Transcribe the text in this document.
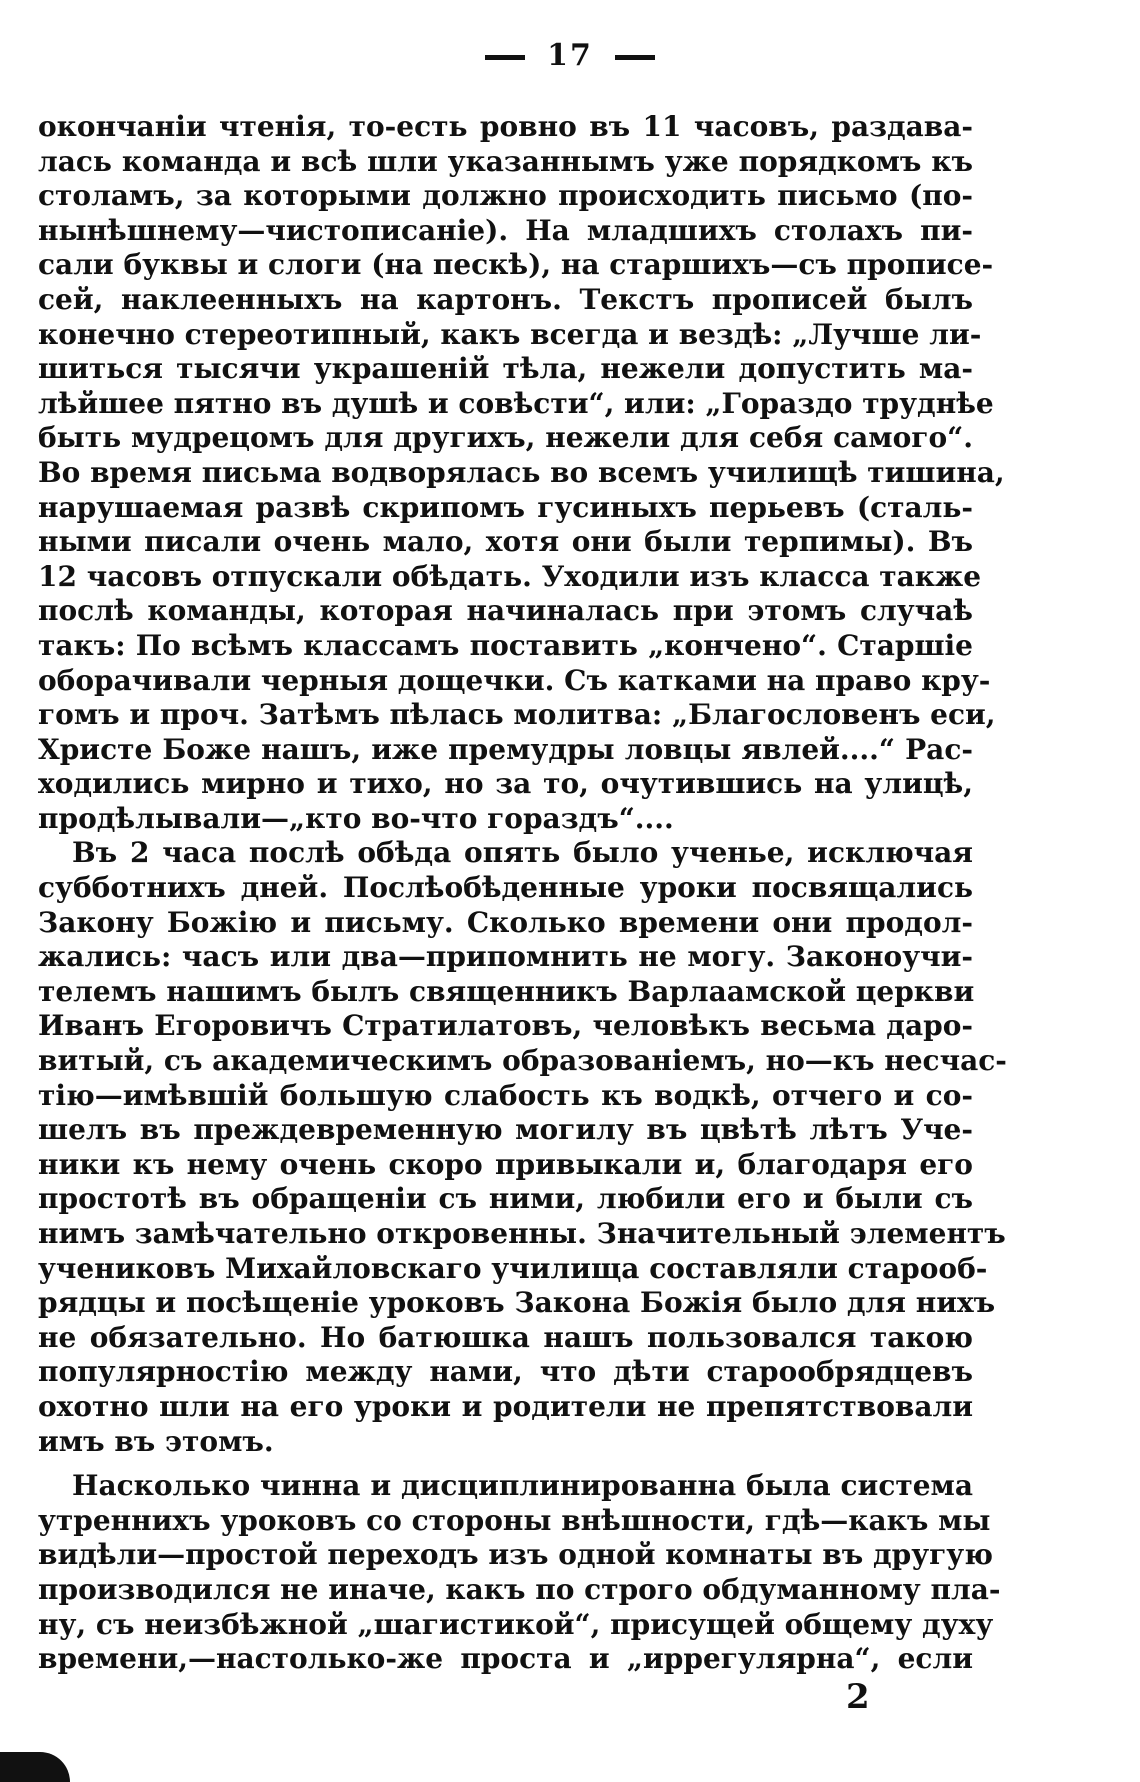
17
окончаніи чтенія, то-есть ровно въ 11 часовъ, раздава-
лась команда и всѣ шли указаннымъ уже порядкомъ къ
столамъ, за которыми должно происходить письмо (по-
нынѣшнему—чистописаніе). На младшихъ столахъ пи-
сали буквы и слоги (на пескѣ), на старшихъ—съ прописе-
сей, наклеенныхъ на картонъ. Текстъ прописей былъ
конечно стереотипный, какъ всегда и вездѣ: „Лучше ли-
шиться тысячи украшеній тѣла, нежели допустить ма-
лѣйшее пятно въ душѣ и совѣсти“, или: „Гораздо труднѣе
быть мудрецомъ для другихъ, нежели для себя самого“.
Во время письма водворялась во всемъ училищѣ тишина,
нарушаемая развѣ скрипомъ гусиныхъ перьевъ (сталь-
ными писали очень мало, хотя они были терпимы). Въ
12 часовъ отпускали обѣдать. Уходили изъ класса также
послѣ команды, которая начиналась при этомъ случаѣ
такъ: По всѣмъ классамъ поставить „кончено“. Старшіе
оборачивали черныя дощечки. Съ катками на право кру-
гомъ и проч. Затѣмъ пѣлась молитва: „Благословенъ еси,
Христе Боже нашъ, иже премудры ловцы явлей....“ Рас-
ходились мирно и тихо, но за то, очутившись на улицѣ,
продѣлывали—„кто во-что гораздъ“....
Въ 2 часа послѣ обѣда опять было ученье, исключая
субботнихъ дней. Послѣобѣденные уроки посвящались
Закону Божію и письму. Сколько времени они продол-
жались: часъ или два—припомнить не могу. Законоучи-
телемъ нашимъ былъ священникъ Варлаамской церкви
Иванъ Егоровичъ Стратилатовъ, человѣкъ весьма даро-
витый, съ академическимъ образованіемъ, но—къ несчас-
тію—имѣвшій большую слабость къ водкѣ, отчего и со-
шелъ въ преждевременную могилу въ цвѣтѣ лѣтъ Уче-
ники къ нему очень скоро привыкали и, благодаря его
простотѣ въ обращеніи съ ними, любили его и были съ
нимъ замѣчательно откровенны. Значительный элементъ
учениковъ Михайловскаго училища составляли старооб-
рядцы и посѣщеніе уроковъ Закона Божія было для нихъ
не обязательно. Но батюшка нашъ пользовался такою
популярностію между нами, что дѣти старообрядцевъ
охотно шли на его уроки и родители не препятствовали
имъ въ этомъ.
Насколько чинна и дисциплинированна была система
утреннихъ уроковъ со стороны внѣшности, гдѣ—какъ мы
видѣли—простой переходъ изъ одной комнаты въ другую
производился не иначе, какъ по строго обдуманному пла-
ну, съ неизбѣжной „шагистикой“, присущей общему духу
времени,—настолько-же проста и „иррегулярна“, если
2
